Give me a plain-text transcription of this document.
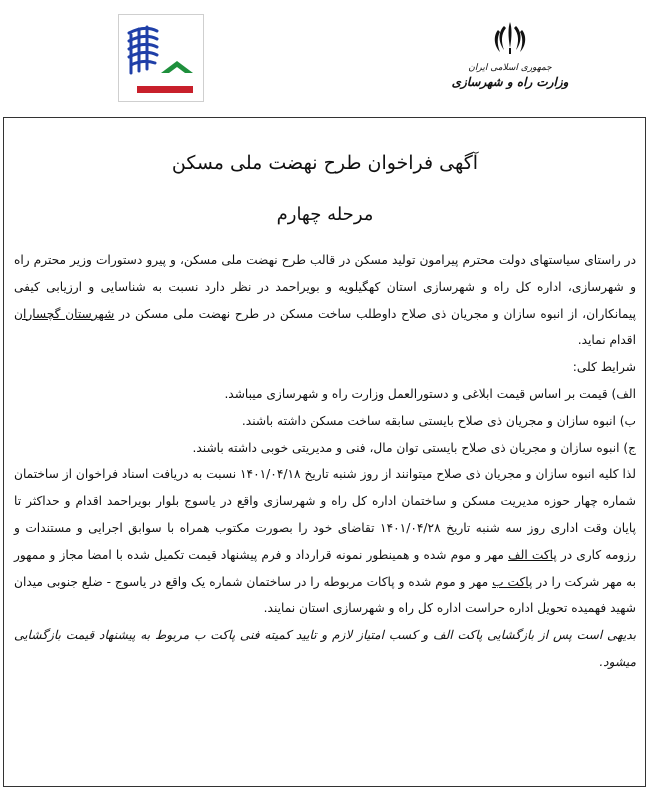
جمهوری اسلامی ایران
وزارت راه و شهرسازی
آگهی فراخوان طرح نهضت ملی مسکن
مرحله چهارم

در راستای سیاستهای دولت محترم پیرامون تولید مسکن در قالب طرح نهضت ملی مسکن، و پیرو دستورات وزیر محترم راه و شهرسازی، اداره کل راه و شهرسازی استان کهگیلویه و بویراحمد در نظر دارد نسبت به شناسایی و ارزیابی کیفی پیمانکاران، از انبوه سازان و مجریان ذی صلاح داوطلب ساخت مسکن در طرح نهضت ملی مسکن در شهرستان گچساران اقدام نماید.

شرایط کلی:

الف) قیمت بر اساس قیمت ابلاغی و دستورالعمل وزارت راه و شهرسازی میباشد.

ب) انبوه سازان و مجریان ذی صلاح بایستی سابقه ساخت مسکن داشته باشند.

ج) انبوه سازان و مجریان ذی صلاح بایستی توان مال، فنی و مدیریتی خوبی داشته باشند.

لذا کلیه انبوه سازان و مجریان ذی صلاح میتوانند از روز شنبه تاریخ ۱۴۰۱/۰۴/۱۸ نسبت به دریافت اسناد فراخوان از ساختمان شماره چهار حوزه مدیریت مسکن و ساختمان اداره کل راه و شهرسازی واقع در یاسوج بلوار بویراحمد اقدام و حداکثر تا پایان وقت اداری روز سه شنبه تاریخ ۱۴۰۱/۰۴/۲۸ تقاضای خود را بصورت مکتوب همراه با سوابق اجرایی و مستندات و رزومه کاری در پاکت الف مهر و موم شده و همینطور نمونه قرارداد و فرم پیشنهاد قیمت تکمیل شده با امضا مجاز و ممهور به مهر شرکت را در پاکت ب مهر و موم شده و پاکات مربوطه را در ساختمان شماره یک واقع در یاسوج - ضلع جنوبی میدان شهید فهمیده تحویل اداره حراست اداره کل راه و شهرسازی استان نمایند.

بدیهی است پس از بازگشایی پاکت الف و کسب امتیاز لازم و تایید کمیته فنی پاکت ب مربوط به پیشنهاد قیمت بازگشایی میشود.
